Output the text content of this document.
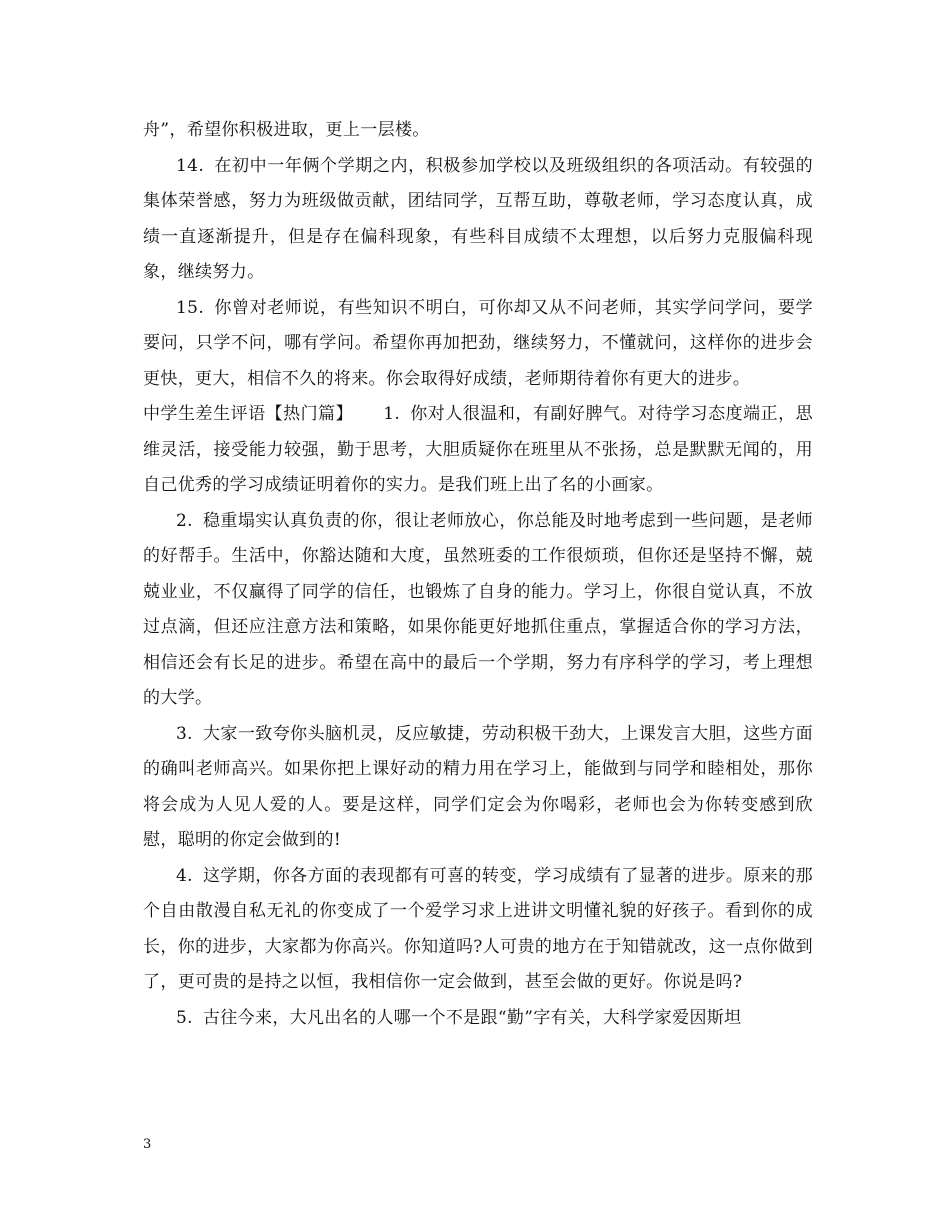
舟”，希望你积极进取，更上一层楼。

14. 在初中一年俩个学期之内，积极参加学校以及班级组织的各项活动。有较强的集体荣誉感，努力为班级做贡献，团结同学，互帮互助，尊敬老师，学习态度认真，成绩一直逐渐提升，但是存在偏科现象，有些科目成绩不太理想，以后努力克服偏科现象，继续努力。

15. 你曾对老师说，有些知识不明白，可你却又从不问老师，其实学问学问，要学要问，只学不问，哪有学问。希望你再加把劲，继续努力，不懂就问，这样你的进步会更快，更大，相信不久的将来。你会取得好成绩，老师期待着你有更大的进步。

中学生差生评语【热门篇】 1. 你对人很温和，有副好脾气。对待学习态度端正，思维灵活，接受能力较强，勤于思考，大胆质疑你在班里从不张扬，总是默默无闻的，用自己优秀的学习成绩证明着你的实力。是我们班上出了名的小画家。

2. 稳重塌实认真负责的你，很让老师放心，你总能及时地考虑到一些问题，是老师的好帮手。生活中，你豁达随和大度，虽然班委的工作很烦琐，但你还是坚持不懈，兢兢业业，不仅赢得了同学的信任，也锻炼了自身的能力。学习上，你很自觉认真，不放过点滴，但还应注意方法和策略，如果你能更好地抓住重点，掌握适合你的学习方法，相信还会有长足的进步。希望在高中的最后一个学期，努力有序科学的学习，考上理想的大学。

3. 大家一致夸你头脑机灵，反应敏捷，劳动积极干劲大，上课发言大胆，这些方面的确叫老师高兴。如果你把上课好动的精力用在学习上，能做到与同学和睦相处，那你将会成为人见人爱的人。要是这样，同学们定会为你喝彩，老师也会为你转变感到欣慰，聪明的你定会做到的!

4. 这学期，你各方面的表现都有可喜的转变，学习成绩有了显著的进步。原来的那个自由散漫自私无礼的你变成了一个爱学习求上进讲文明懂礼貌的好孩子。看到你的成长，你的进步，大家都为你高兴。你知道吗?人可贵的地方在于知错就改，这一点你做到了，更可贵的是持之以恒，我相信你一定会做到，甚至会做的更好。你说是吗?

5. 古往今来，大凡出名的人哪一个不是跟“勤”字有关，大科学家爱因斯坦

3
